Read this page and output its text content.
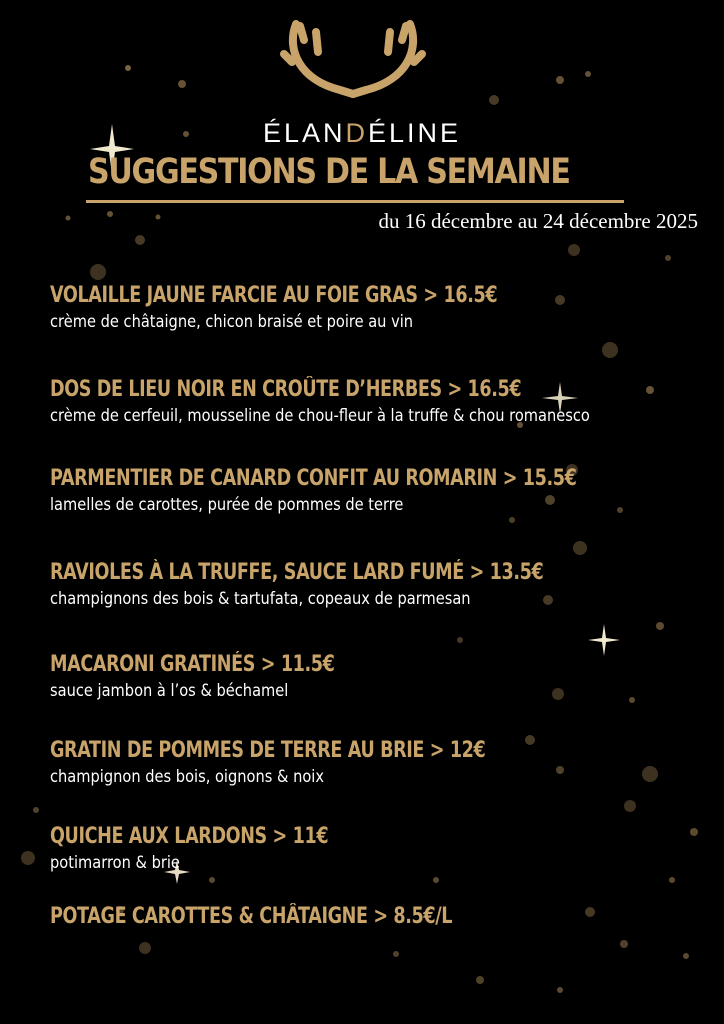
ÉLANDÉLINE
SUGGESTIONS DE LA SEMAINE
du 16 décembre au 24 décembre 2025
VOLAILLE JAUNE FARCIE AU FOIE GRAS > 16.5€
crème de châtaigne, chicon braisé et poire au vin
DOS DE LIEU NOIR EN CROÛTE D’HERBES > 16.5€
crème de cerfeuil, mousseline de chou-fleur à la truffe & chou romanesco
PARMENTIER DE CANARD CONFIT AU ROMARIN > 15.5€
lamelles de carottes, purée de pommes de terre
RAVIOLES À LA TRUFFE, SAUCE LARD FUMÉ > 13.5€
champignons des bois & tartufata, copeaux de parmesan
MACARONI GRATINÉS > 11.5€
sauce jambon à l’os & béchamel
GRATIN DE POMMES DE TERRE AU BRIE > 12€
champignon des bois, oignons & noix
QUICHE AUX LARDONS > 11€
potimarron & brie
POTAGE CAROTTES & CHÂTAIGNE > 8.5€/L
